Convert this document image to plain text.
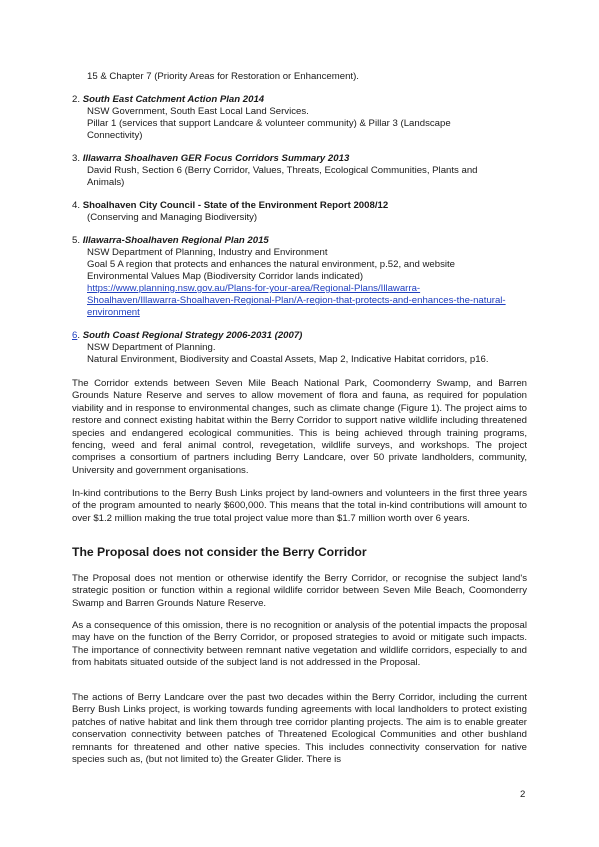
15 & Chapter 7 (Priority Areas for Restoration or Enhancement).
2. South East Catchment Action Plan 2014
NSW Government, South East Local Land Services.
Pillar 1 (services that support Landcare & volunteer community) & Pillar 3 (Landscape
Connectivity)
3. Illawarra Shoalhaven GER Focus Corridors Summary 2013
David Rush, Section 6 (Berry Corridor, Values, Threats, Ecological Communities, Plants and
Animals)
4. Shoalhaven City Council - State of the Environment Report 2008/12
(Conserving and Managing Biodiversity)
5. Illawarra-Shoalhaven Regional Plan 2015
NSW Department of Planning, Industry and Environment
Goal 5 A region that protects and enhances the natural environment, p.52, and website
Environmental Values Map (Biodiversity Corridor lands indicated)
https://www.planning.nsw.gov.au/Plans-for-your-area/Regional-Plans/Illawarra-
Shoalhaven/Illawarra-Shoalhaven-Regional-Plan/A-region-that-protects-and-enhances-the-natural-
environment
6. South Coast Regional Strategy 2006-2031 (2007)
NSW Department of Planning.
Natural Environment, Biodiversity and Coastal Assets, Map 2, Indicative Habitat corridors, p16.
The Corridor extends between Seven Mile Beach National Park, Coomonderry Swamp, and Barren Grounds Nature Reserve and serves to allow movement of flora and fauna, as required for population viability and in response to environmental changes, such as climate change (Figure 1). The project aims to restore and connect existing habitat within the Berry Corridor to support native wildlife including threatened species and endangered ecological communities. This is being achieved through training programs, fencing, weed and feral animal control, revegetation, wildlife surveys, and workshops. The project comprises a consortium of partners including Berry Landcare, over 50 private landholders, community, University and government organisations.
In-kind contributions to the Berry Bush Links project by land-owners and volunteers in the first three years of the program amounted to nearly $600,000. This means that the total in-kind contributions will amount to over $1.2 million making the true total project value more than $1.7 million worth over 6 years.
The Proposal does not consider the Berry Corridor
The Proposal does not mention or otherwise identify the Berry Corridor, or recognise the subject land's strategic position or function within a regional wildlife corridor between Seven Mile Beach, Coomonderry Swamp and Barren Grounds Nature Reserve.
As a consequence of this omission, there is no recognition or analysis of the potential impacts the proposal may have on the function of the Berry Corridor, or proposed strategies to avoid or mitigate such impacts. The importance of connectivity between remnant native vegetation and wildlife corridors, especially to and from habitats situated outside of the subject land is not addressed in the Proposal.
The actions of Berry Landcare over the past two decades within the Berry Corridor, including the current Berry Bush Links project, is working towards funding agreements with local landholders to protect existing patches of native habitat and link them through tree corridor planting projects. The aim is to enable greater conservation connectivity between patches of Threatened Ecological Communities and other bushland remnants for threatened and other native species. This includes connectivity conservation for native species such as, (but not limited to) the Greater Glider. There is
2
